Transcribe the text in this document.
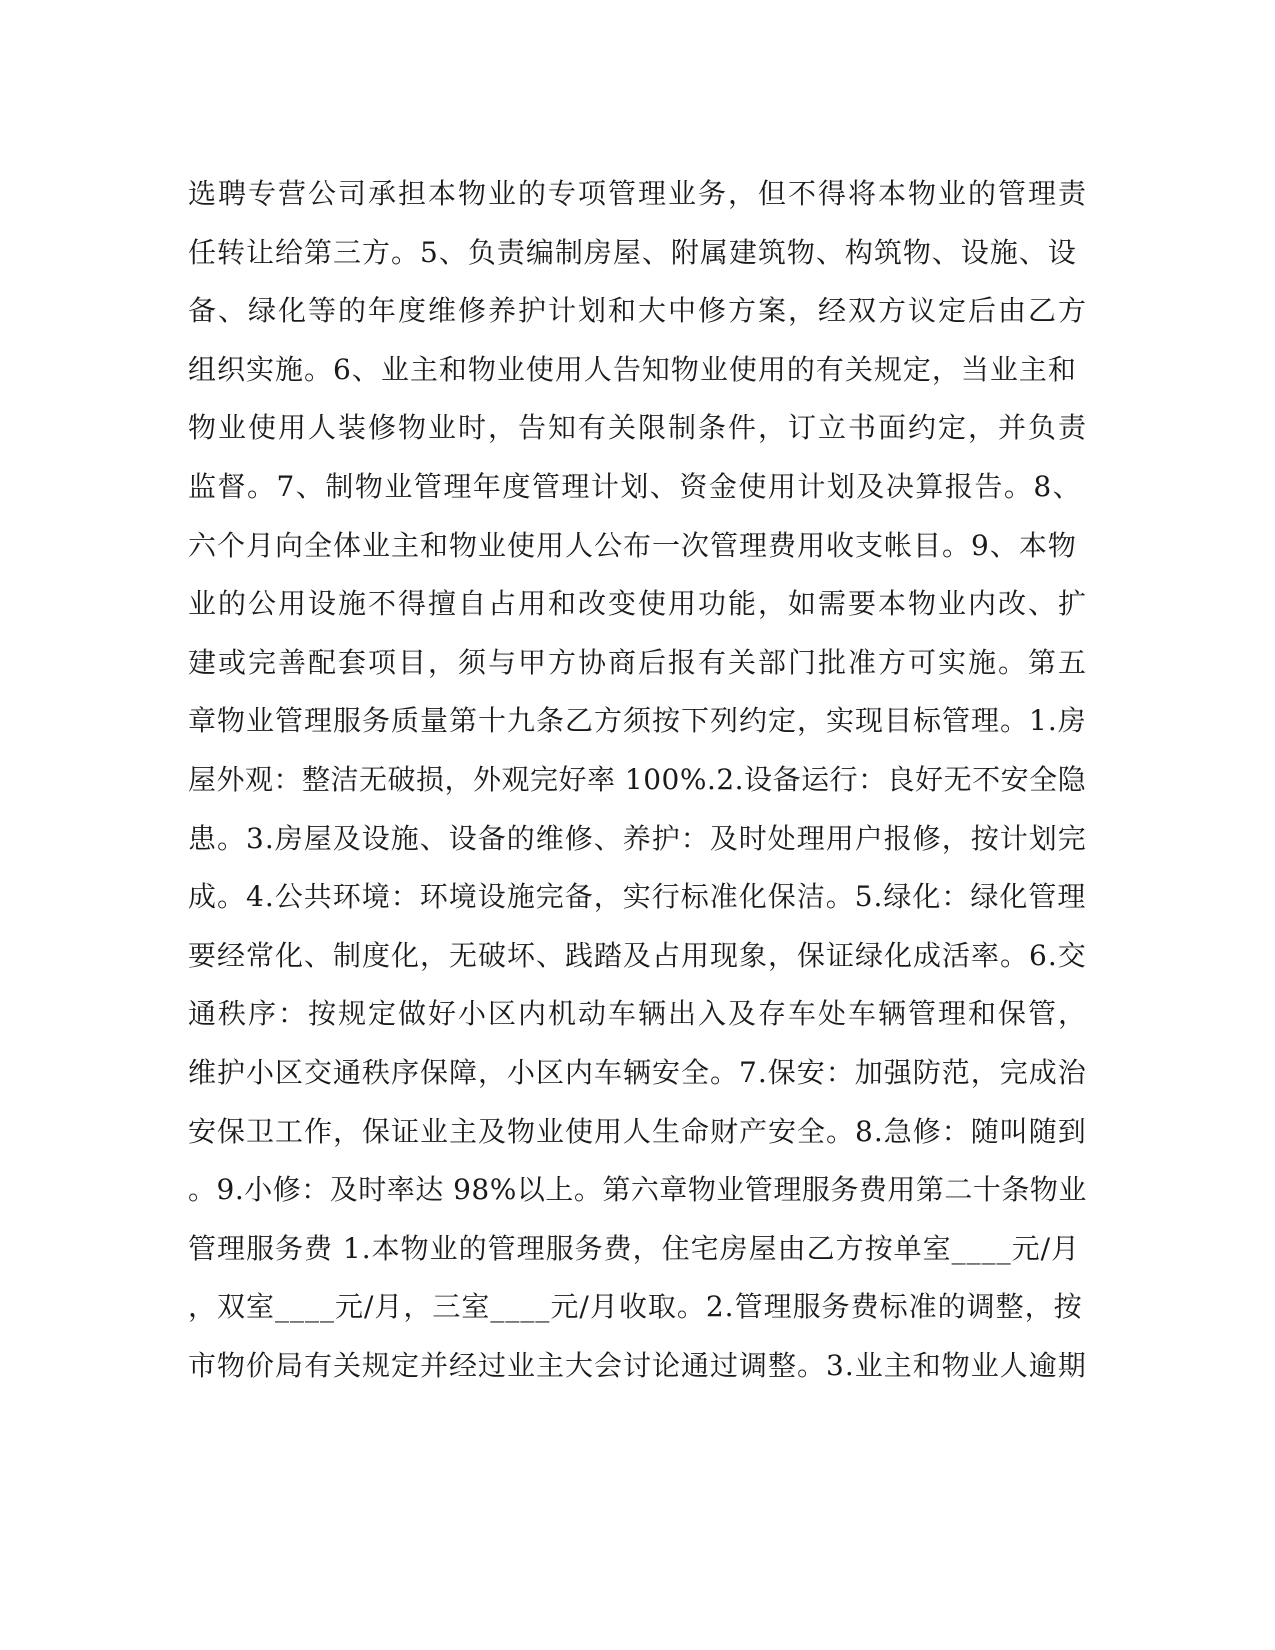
选聘专营公司承担本物业的专项管理业务，但不得将本物业的管理责
任转让给第三方。5、负责编制房屋、附属建筑物、构筑物、设施、设
备、绿化等的年度维修养护计划和大中修方案，经双方议定后由乙方
组织实施。6、业主和物业使用人告知物业使用的有关规定，当业主和
物业使用人装修物业时，告知有关限制条件，订立书面约定，并负责
监督。7、制物业管理年度管理计划、资金使用计划及决算报告。8、
六个月向全体业主和物业使用人公布一次管理费用收支帐目。9、本物
业的公用设施不得擅自占用和改变使用功能，如需要本物业内改、扩
建或完善配套项目，须与甲方协商后报有关部门批准方可实施。第五
章物业管理服务质量第十九条乙方须按下列约定，实现目标管理。1.房
屋外观：整洁无破损，外观完好率 100%.2.设备运行：良好无不安全隐
患。3.房屋及设施、设备的维修、养护：及时处理用户报修，按计划完
成。4.公共环境：环境设施完备，实行标准化保洁。5.绿化：绿化管理
要经常化、制度化，无破坏、践踏及占用现象，保证绿化成活率。6.交
通秩序：按规定做好小区内机动车辆出入及存车处车辆管理和保管，
维护小区交通秩序保障，小区内车辆安全。7.保安：加强防范，完成治
安保卫工作，保证业主及物业使用人生命财产安全。8.急修：随叫随到
。9.小修：及时率达 98%以上。第六章物业管理服务费用第二十条物业
管理服务费 1.本物业的管理服务费，住宅房屋由乙方按单室____元/月
，双室____元/月，三室____元/月收取。2.管理服务费标准的调整，按
市物价局有关规定并经过业主大会讨论通过调整。3.业主和物业人逾期
